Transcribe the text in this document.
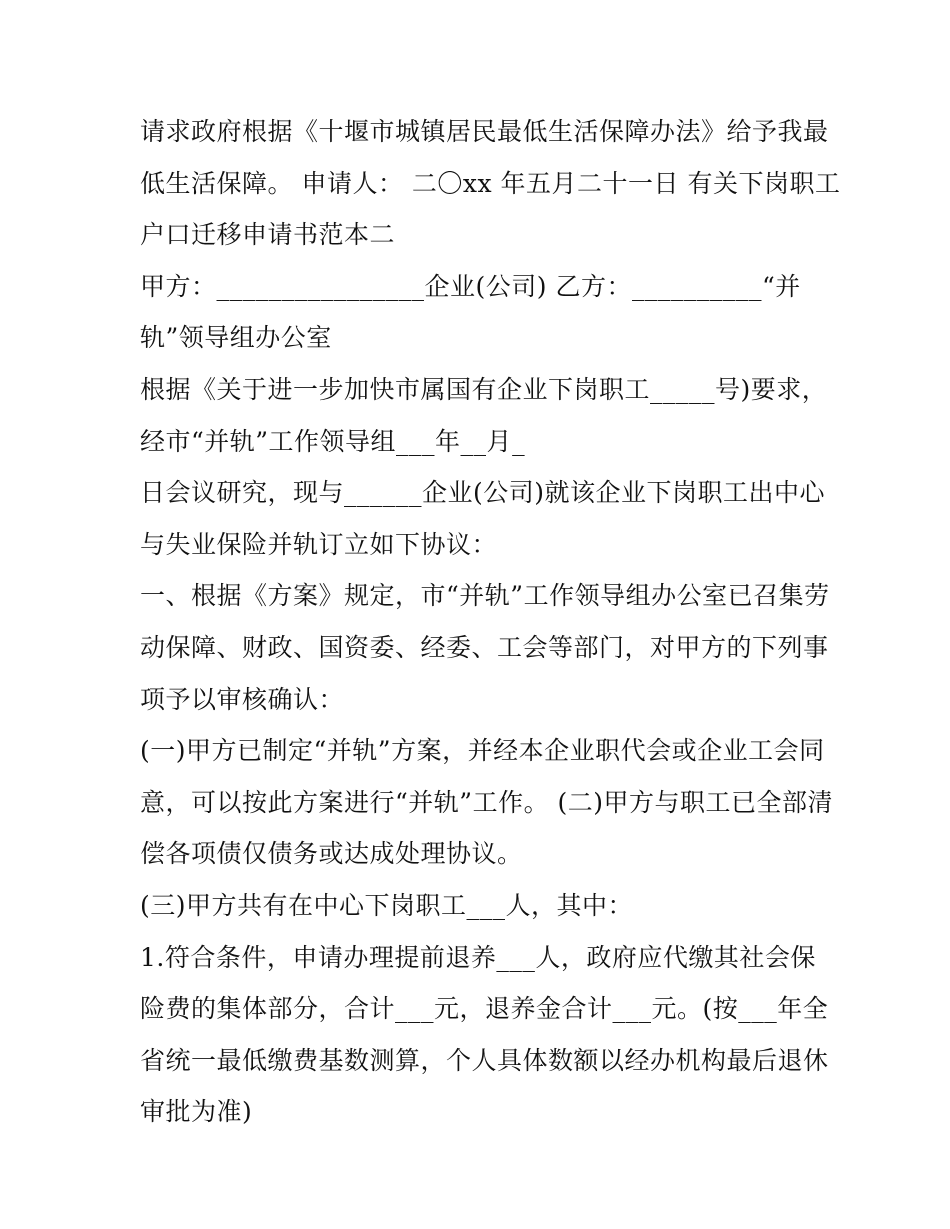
请求政府根据《十堰市城镇居民最低生活保障办法》给予我最
低生活保障。 申请人： 二〇xx 年五月二十一日 有关下岗职工
户口迁移申请书范本二
甲方：________________企业(公司) 乙方：__________“并
轨”领导组办公室
根据《关于进一步加快市属国有企业下岗职工_____号)要求，
经市“并轨”工作领导组___年__月_
日会议研究，现与______企业(公司)就该企业下岗职工出中心
与失业保险并轨订立如下协议：
一、根据《方案》规定，市“并轨”工作领导组办公室已召集劳
动保障、财政、国资委、经委、工会等部门，对甲方的下列事
项予以审核确认：
(一)甲方已制定“并轨”方案，并经本企业职代会或企业工会同
意，可以按此方案进行“并轨”工作。 (二)甲方与职工已全部清
偿各项债仅债务或达成处理协议。
(三)甲方共有在中心下岗职工___人，其中：
1.符合条件，申请办理提前退养___人，政府应代缴其社会保
险费的集体部分，合计___元，退养金合计___元。(按___年全
省统一最低缴费基数测算，个人具体数额以经办机构最后退休
审批为准)
